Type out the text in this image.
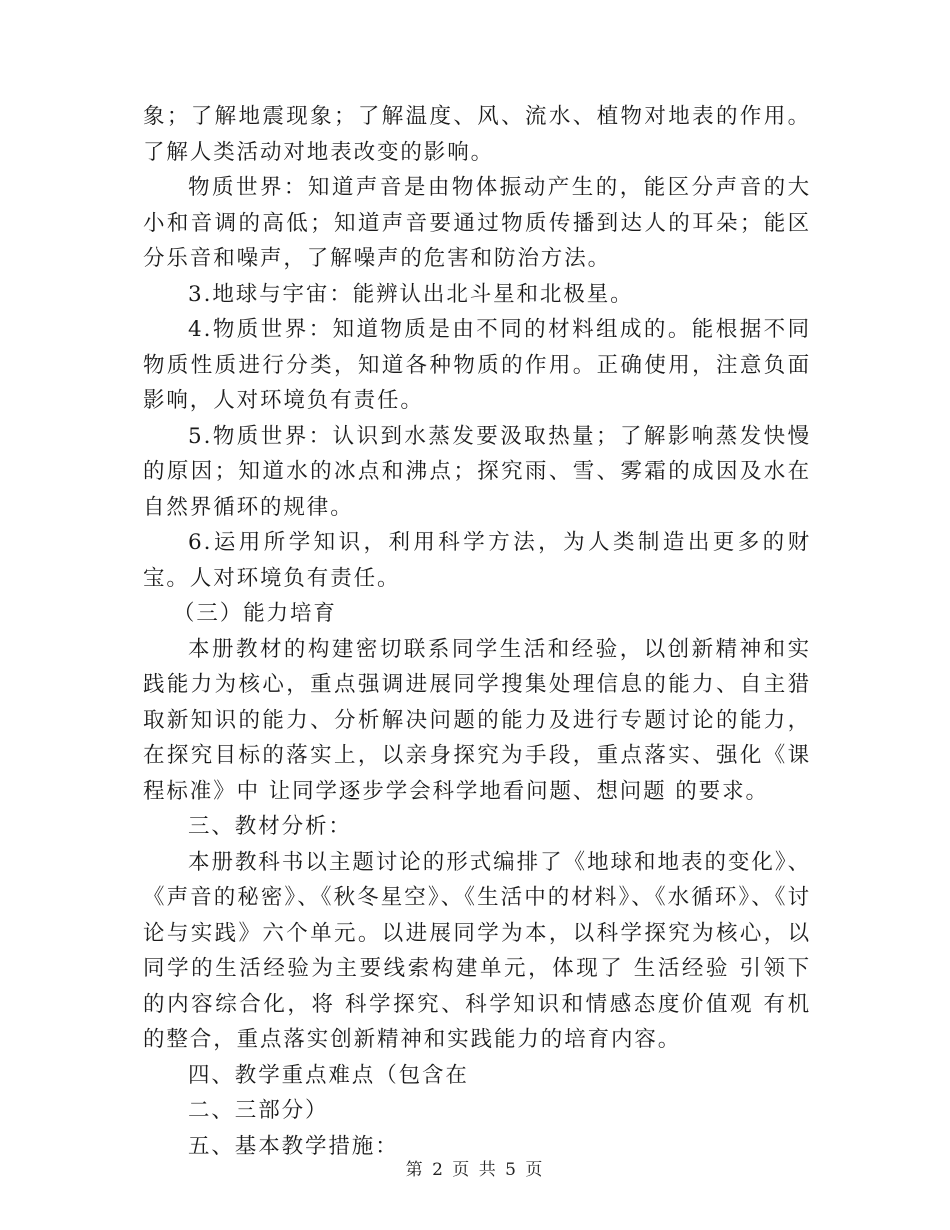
象；了解地震现象；了解温度、风、流水、植物对地表的作用。了解人类活动对地表改变的影响。

物质世界：知道声音是由物体振动产生的，能区分声音的大小和音调的高低；知道声音要通过物质传播到达人的耳朵；能区分乐音和噪声，了解噪声的危害和防治方法。

3.地球与宇宙：能辨认出北斗星和北极星。

4.物质世界：知道物质是由不同的材料组成的。能根据不同物质性质进行分类，知道各种物质的作用。正确使用，注意负面影响，人对环境负有责任。

5.物质世界：认识到水蒸发要汲取热量；了解影响蒸发快慢的原因；知道水的冰点和沸点；探究雨、雪、雾霜的成因及水在自然界循环的规律。

6.运用所学知识，利用科学方法，为人类制造出更多的财宝。人对环境负有责任。

（三）能力培育

本册教材的构建密切联系同学生活和经验，以创新精神和实践能力为核心，重点强调进展同学搜集处理信息的能力、自主猎取新知识的能力、分析解决问题的能力及进行专题讨论的能力，在探究目标的落实上，以亲身探究为手段，重点落实、强化《课程标准》中 让同学逐步学会科学地看问题、想问题 的要求。

三、教材分析：

本册教科书以主题讨论的形式编排了《地球和地表的变化》、《声音的秘密》、《秋冬星空》、《生活中的材料》、《水循环》、《讨论与实践》六个单元。以进展同学为本，以科学探究为核心，以同学的生活经验为主要线索构建单元，体现了 生活经验 引领下的内容综合化，将 科学探究、科学知识和情感态度价值观 有机的整合，重点落实创新精神和实践能力的培育内容。

四、教学重点难点（包含在

二、三部分）

五、基本教学措施：

第 2 页 共 5 页
